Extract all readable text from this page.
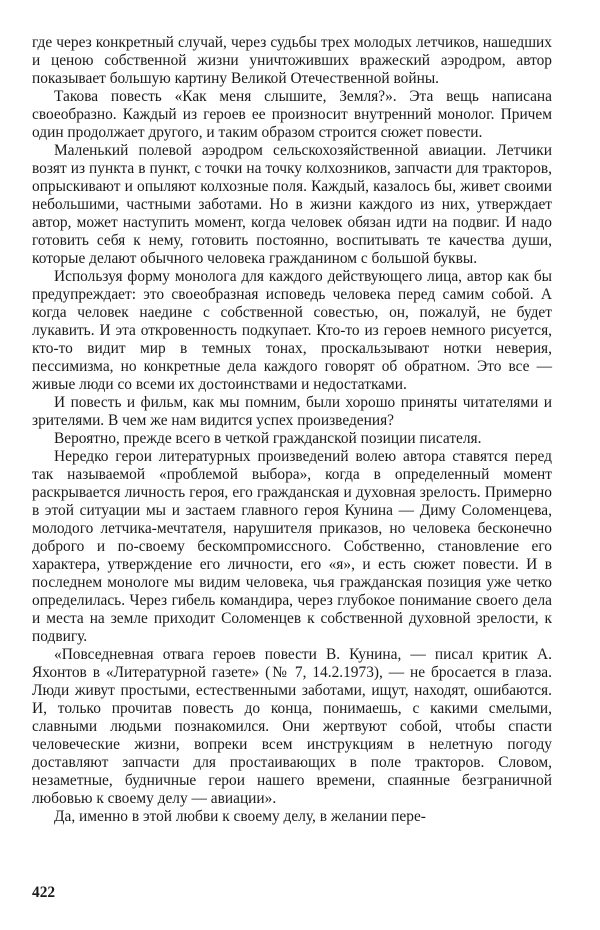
где через конкретный случай, через судьбы трех молодых летчиков, нашедших и ценою собственной жизни уничтоживших вражеский аэродром, автор показывает большую картину Великой Отечественной войны.

Такова повесть «Как меня слышите, Земля?». Эта вещь написана своеобразно. Каждый из героев ее произносит внутренний монолог. Причем один продолжает другого, и таким образом строится сюжет повести.

Маленький полевой аэродром сельскохозяйственной авиации. Летчики возят из пункта в пункт, с точки на точку колхозников, запчасти для тракторов, опрыскивают и опыляют колхозные поля. Каждый, казалось бы, живет своими небольшими, частными заботами. Но в жизни каждого из них, утверждает автор, может наступить момент, когда человек обязан идти на подвиг. И надо готовить себя к нему, готовить постоянно, воспитывать те качества души, которые делают обычного человека гражданином с большой буквы.

Используя форму монолога для каждого действующего лица, автор как бы предупреждает: это своеобразная исповедь человека перед самим собой. А когда человек наедине с собственной совестью, он, пожалуй, не будет лукавить. И эта откровенность подкупает. Кто-то из героев немного рисуется, кто-то видит мир в темных тонах, проскальзывают нотки неверия, пессимизма, но конкретные дела каждого говорят об обратном. Это все — живые люди со всеми их достоинствами и недостатками.

И повесть и фильм, как мы помним, были хорошо приняты читателями и зрителями. В чем же нам видится успех произведения?

Вероятно, прежде всего в четкой гражданской позиции писателя.

Нередко герои литературных произведений волею автора ставятся перед так называемой «проблемой выбора», когда в определенный момент раскрывается личность героя, его гражданская и духовная зрелость. Примерно в этой ситуации мы и застаем главного героя Кунина — Диму Соломенцева, молодого летчика-мечтателя, нарушителя приказов, но человека бесконечно доброго и по-своему бескомпромиссного. Собственно, становление его характера, утверждение его личности, его «я», и есть сюжет повести. И в последнем монологе мы видим человека, чья гражданская позиция уже четко определилась. Через гибель командира, через глубокое понимание своего дела и места на земле приходит Соломенцев к собственной духовной зрелости, к подвигу.

«Повседневная отвага героев повести В. Кунина, — писал критик А. Яхонтов в «Литературной газете» (№ 7, 14.2.1973), — не бросается в глаза. Люди живут простыми, естественными заботами, ищут, находят, ошибаются. И, только прочитав повесть до конца, понимаешь, с какими смелыми, славными людьми познакомился. Они жертвуют собой, чтобы спасти человеческие жизни, вопреки всем инструкциям в нелетную погоду доставляют запчасти для простаивающих в поле тракторов. Словом, незаметные, будничные герои нашего времени, спаянные безграничной любовью к своему делу — авиации».

Да, именно в этой любви к своему делу, в желании пере-

422
